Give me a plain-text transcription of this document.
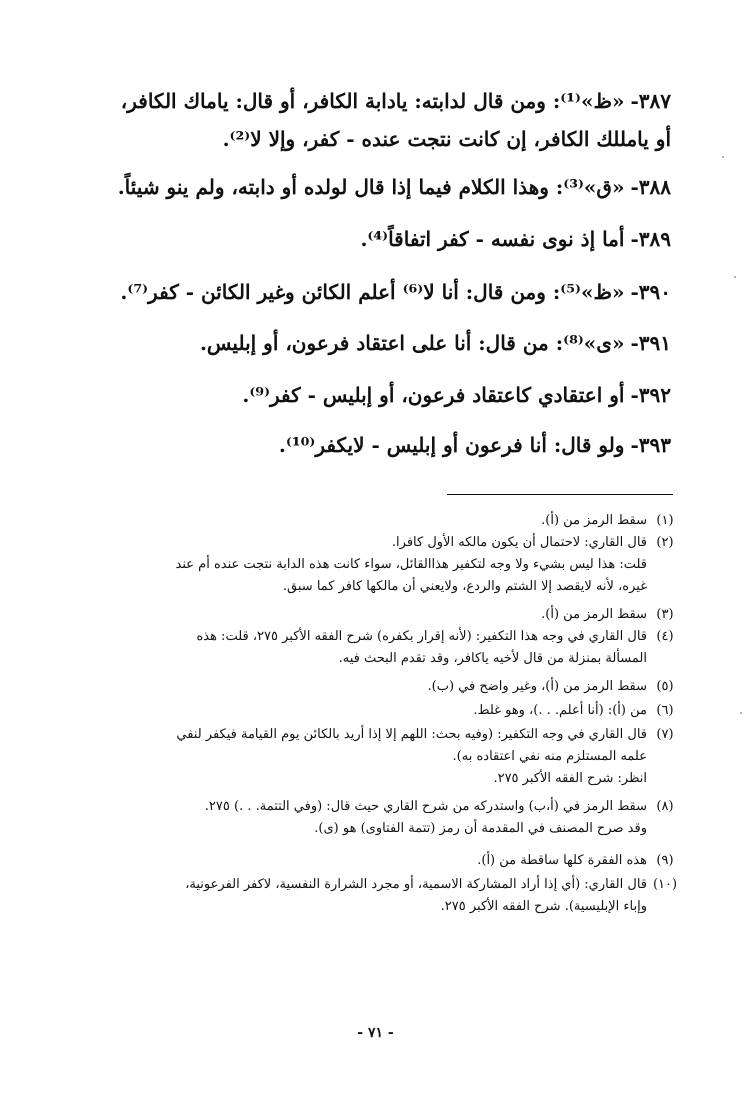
٣٨٧-«ظ»⁽¹⁾: ومن قال لدابته: يادابة الكافر، أو قال: ياماك الكافر،
أو يامللك الكافر، إن كانت نتجت عنده - كفر، وإلا لا⁽²⁾.
٣٨٨-«ق»⁽³⁾: وهذا الكلام فيما إذا قال لولده أو دابته، ولم ينو شيئاً.
٣٨٩-أما إذ نوى نفسه - كفر اتفاقاً⁽⁴⁾.
٣٩٠-«ظ»⁽⁵⁾: ومن قال: أنا لا⁽⁶⁾ أعلم الكائن وغير الكائن - كفر⁽⁷⁾.
٣٩١-«ى»⁽⁸⁾: من قال: أنا على اعتقاد فرعون، أو إبليس.
٣٩٢-أو اعتقادي كاعتقاد فرعون، أو إبليس - كفر⁽⁹⁾.
٣٩٣-ولو قال: أنا فرعون أو إبليس - لايكفر⁽¹⁰⁾.
(١)سقط الرمز من (أ).
(٢)قال القاري: لاحتمال أن يكون مالكه الأول كافرا.
قلت: هذا ليس بشيء ولا وجه لتكفير هذاالقائل، سواء كانت هذه الدابة نتجت عنده أم عند
غيره، لأنه لايقصد إلا الشتم والردع، ولايعني أن مالكها كافر كما سبق.
(٣)سقط الرمز من (أ).
(٤)قال القاري في وجه هذا التكفير: (لأنه إقرار بكفره) شرح الفقه الأكبر ٢٧٥، قلت: هذه
المسألة بمنزلة من قال لأخيه ياكافر، وقد تقدم البحث فيه.
(٥)سقط الرمز من (أ)، وغير واضح في (ب).
(٦)من (أ): (أنا أعلم. . .)، وهو غلط.
(٧)قال القاري في وجه التكفير: (وفيه بحث: اللهم إلا إذا أريد بالكائن يوم القيامة فيكفر لنفي
علمه المستلزم منه نفي اعتقاده به).
انظر: شرح الفقه الأكبر ٢٧٥.
(٨)سقط الرمز في (أ،ب) واستدركه من شرح القاري حيث قال: (وفي التتمة. . .) ٢٧٥.
وقد صرح المصنف في المقدمة أن رمز (تتمة الفتاوى) هو (ى).
(٩)هذه الفقرة كلها ساقطة من (أ).
(١٠)قال القاري: (أي إذا أراد المشاركة الاسمية، أو مجرد الشرارة النفسية، لاكفر الفرعونية،
وإباء الإبليسية). شرح الفقه الأكبر ٢٧٥.
- ٧١ -
